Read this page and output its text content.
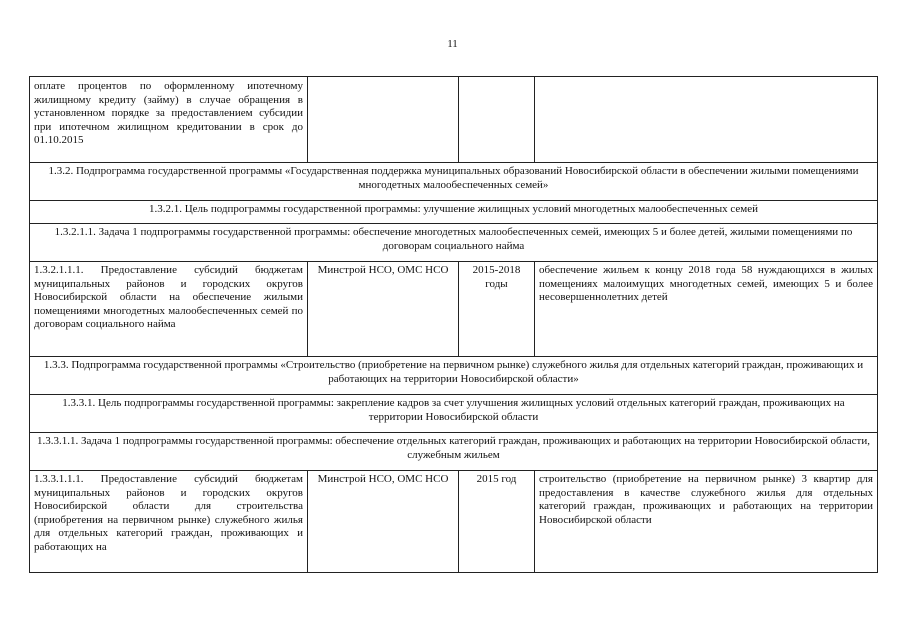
11
оплате процентов по оформленному ипотечному жилищному кредиту (займу) в случае обращения в установленном порядке за предоставлением субсидии при ипотечном жилищном кредитовании в срок до 01.10.2015			
1.3.2. Подпрограмма государственной программы «Государственная поддержка муниципальных образований Новосибирской области в обеспечении жилыми помещениями многодетных малообеспеченных семей»			
1.3.2.1. Цель подпрограммы государственной программы: улучшение жилищных условий многодетных малообеспеченных семей			
1.3.2.1.1. Задача 1 подпрограммы государственной программы: обеспечение многодетных малообеспеченных семей, имеющих 5 и более детей, жилыми помещениями по договорам социального найма			
1.3.2.1.1.1. Предоставление субсидий бюджетам муниципальных районов и городских округов Новосибирской области на обеспечение жилыми помещениями многодетных малообеспеченных семей по договорам социального найма	Минстрой НСО, ОМС НСО	2015-2018 годы	обеспечение жильем к концу 2018 года 58 нуждающихся в жилых помещениях малоимущих многодетных семей, имеющих 5 и более несовершеннолетних детей
1.3.3. Подпрограмма государственной программы «Строительство (приобретение на первичном рынке) служебного жилья для отдельных категорий граждан, проживающих и работающих на территории Новосибирской области»			
1.3.3.1. Цель подпрограммы государственной программы: закрепление кадров за счет улучшения жилищных условий отдельных категорий граждан, проживающих на территории Новосибирской области			
1.3.3.1.1. Задача 1 подпрограммы государственной программы: обеспечение отдельных категорий граждан, проживающих и работающих на территории Новосибирской области, служебным жильем			
1.3.3.1.1.1. Предоставление субсидий бюджетам муниципальных районов и городских округов Новосибирской области для строительства (приобретения на первичном рынке) служебного жилья для отдельных категорий граждан, проживающих и работающих на	Минстрой НСО, ОМС НСО	2015 год	строительство (приобретение на первичном рынке) 3 квартир для предоставления в качестве служебного жилья для отдельных категорий граждан, проживающих и работающих на территории Новосибирской области
